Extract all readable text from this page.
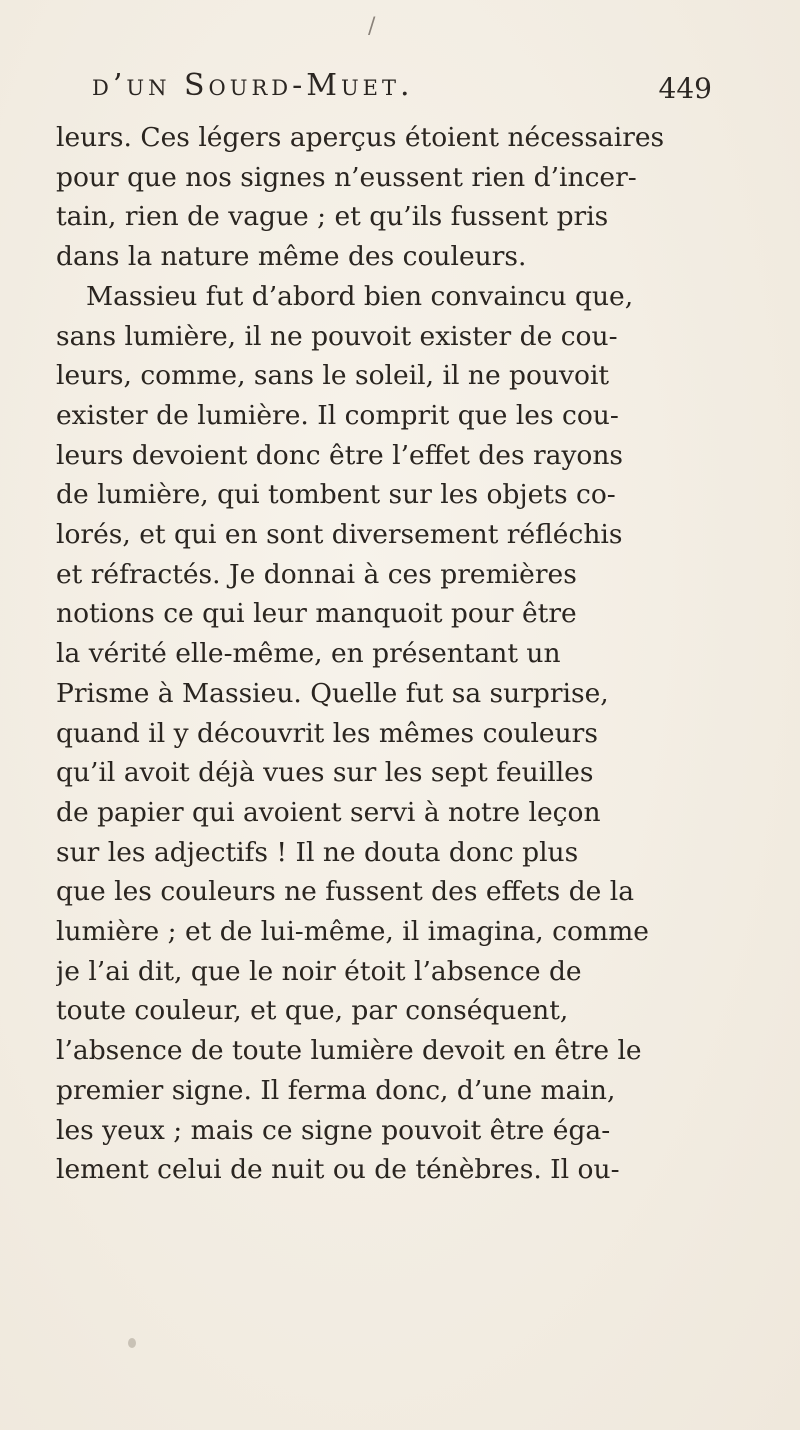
/
d’un Sourd-Muet.	449
leurs. Ces légers aperçus étoient nécessaires
pour que nos signes n’eussent rien d’incer-
tain, rien de vague ; et qu’ils fussent pris
dans la nature même des couleurs.
Massieu fut d’abord bien convaincu que,
sans lumière, il ne pouvoit exister de cou-
leurs, comme, sans le soleil, il ne pouvoit
exister de lumière. Il comprit que les cou-
leurs devoient donc être l’effet des rayons
de lumière, qui tombent sur les objets co-
lorés, et qui en sont diversement réfléchis
et réfractés. Je donnai à ces premières
notions ce qui leur manquoit pour être
la vérité elle-même, en présentant un
Prisme à Massieu. Quelle fut sa surprise,
quand il y découvrit les mêmes couleurs
qu’il avoit déjà vues sur les sept feuilles
de papier qui avoient servi à notre leçon
sur les adjectifs ! Il ne douta donc plus
que les couleurs ne fussent des effets de la
lumière ; et de lui-même, il imagina, comme
je l’ai dit, que le noir étoit l’absence de
toute couleur, et que, par conséquent,
l’absence de toute lumière devoit en être le
premier signe. Il ferma donc, d’une main,
les yeux ; mais ce signe pouvoit être éga-
lement celui de nuit ou de ténèbres. Il ou-
